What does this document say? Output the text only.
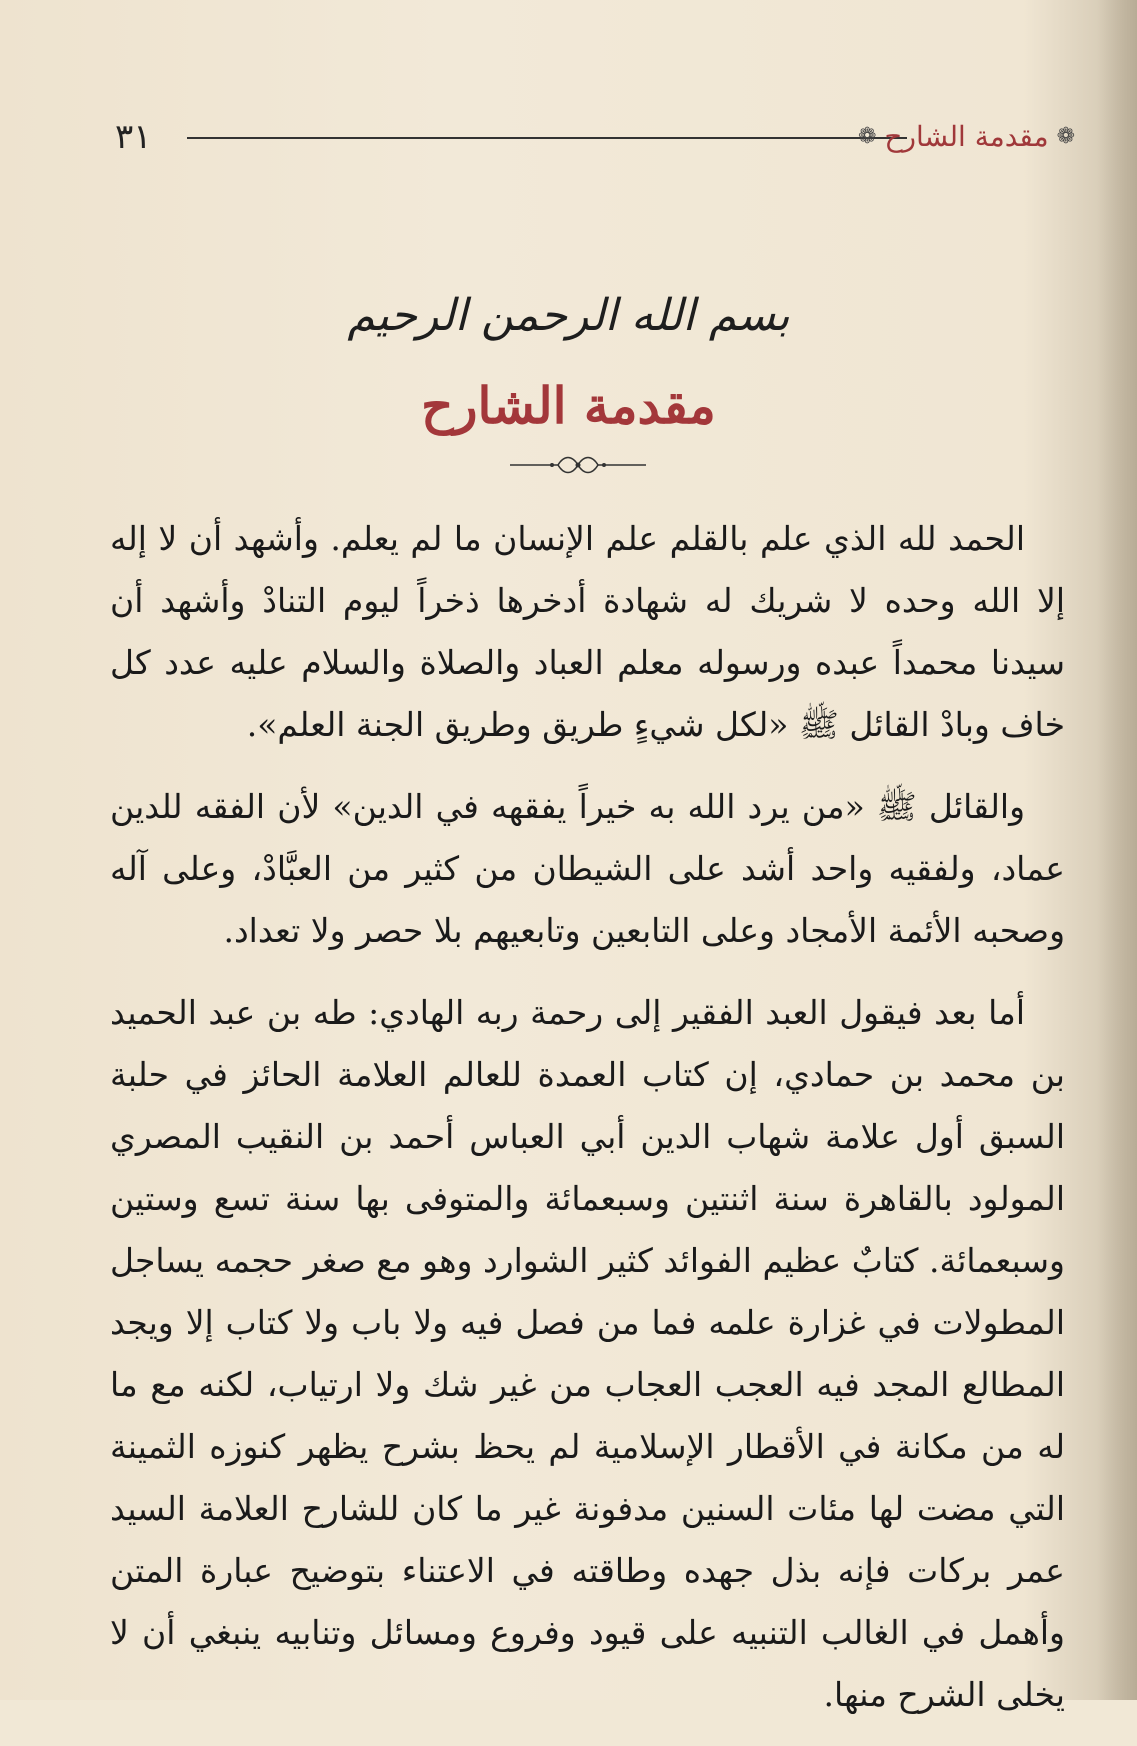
٣١	❁
مقدمة الشارح
❁
بسم الله الرحمن الرحيم
مقدمة الشارح

الحمد لله الذي علم بالقلم علم الإنسان ما لم يعلم. وأشهد أن لا إله إلا الله وحده لا شريك له شهادة أدخرها ذخراً ليوم التنادْ وأشهد أن سيدنا محمداً عبده ورسوله معلم العباد والصلاة والسلام عليه عدد كل خاف وبادْ القائل ﷺ «لكل شيءٍ طريق وطريق الجنة العلم».

والقائل ﷺ «من يرد الله به خيراً يفقهه في الدين» لأن الفقه للدين عماد، ولفقيه واحد أشد على الشيطان من كثير من العبَّادْ، وعلى آله وصحبه الأئمة الأمجاد وعلى التابعين وتابعيهم بلا حصر ولا تعداد.

أما بعد فيقول العبد الفقير إلى رحمة ربه الهادي: طه بن عبد الحميد بن محمد بن حمادي، إن كتاب العمدة للعالم العلامة الحائز في حلبة السبق أول علامة شهاب الدين أبي العباس أحمد بن النقيب المصري المولود بالقاهرة سنة اثنتين وسبعمائة والمتوفى بها سنة تسع وستين وسبعمائة. كتابٌ عظيم الفوائد كثير الشوارد وهو مع صغر حجمه يساجل المطولات في غزارة علمه فما من فصل فيه ولا باب ولا كتاب إلا ويجد المطالع المجد فيه العجب العجاب من غير شك ولا ارتياب، لكنه مع ما له من مكانة في الأقطار الإسلامية لم يحظ بشرح يظهر كنوزه الثمينة التي مضت لها مئات السنين مدفونة غير ما كان للشارح العلامة السيد عمر بركات فإنه بذل جهده وطاقته في الاعتناء بتوضيح عبارة المتن وأهمل في الغالب التنبيه على قيود وفروع ومسائل وتنابيه ينبغي أن لا يخلى الشرح منها.
